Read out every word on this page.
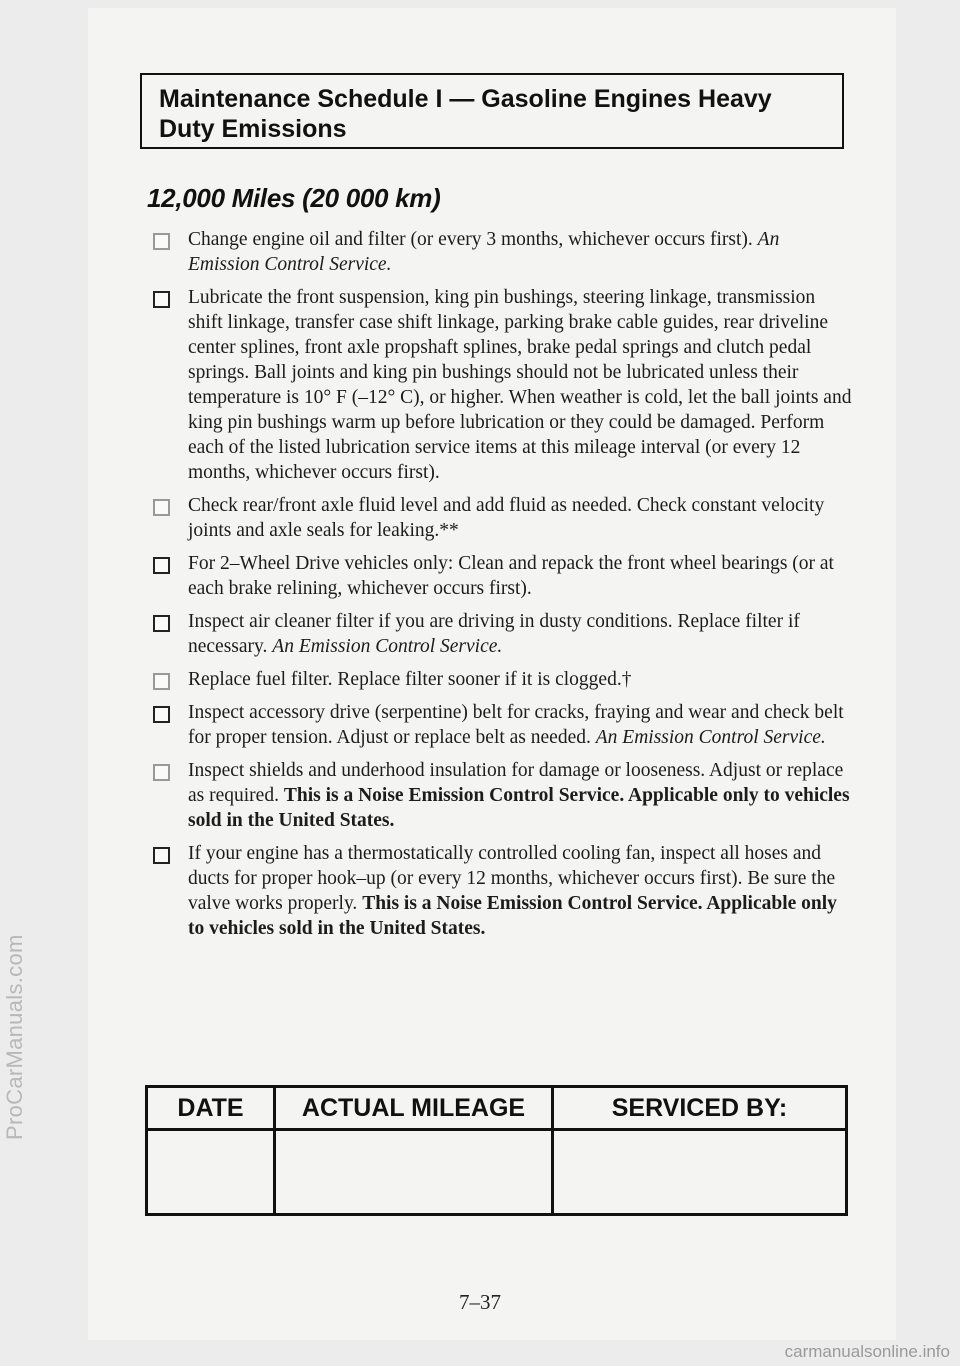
ProCarManuals.com
Maintenance Schedule I — Gasoline Engines Heavy
Duty Emissions
12,000 Miles (20 000 km)
Change engine oil and filter (or every 3 months, whichever occurs first). An Emission Control Service.
Lubricate the front suspension, king pin bushings, steering linkage, transmission shift linkage, transfer case shift linkage, parking brake cable guides, rear driveline center splines, front axle propshaft splines, brake pedal springs and clutch pedal springs. Ball joints and king pin bushings should not be lubricated unless their temperature is 10° F (–12° C), or higher. When weather is cold, let the ball joints and king pin bushings warm up before lubrication or they could be damaged. Perform each of the listed lubrication service items at this mileage interval (or every 12 months, whichever occurs first).
Check rear/front axle fluid level and add fluid as needed. Check constant velocity joints and axle seals for leaking.**
For 2–Wheel Drive vehicles only: Clean and repack the front wheel bearings (or at each brake relining, whichever occurs first).
Inspect air cleaner filter if you are driving in dusty conditions. Replace filter if necessary. An Emission Control Service.
Replace fuel filter. Replace filter sooner if it is clogged.†
Inspect accessory drive (serpentine) belt for cracks, fraying and wear and check belt for proper tension. Adjust or replace belt as needed. An Emission Control Service.
Inspect shields and underhood insulation for damage or looseness. Adjust or replace as required. This is a Noise Emission Control Service. Applicable only to vehicles sold in the United States.
If your engine has a thermostatically controlled cooling fan, inspect all hoses and ducts for proper hook–up (or every 12 months, whichever occurs first). Be sure the valve works properly. This is a Noise Emission Control Service. Applicable only to vehicles sold in the United States.
DATE	ACTUAL MILEAGE	SERVICED BY:

7–37
carmanualsonline.info
